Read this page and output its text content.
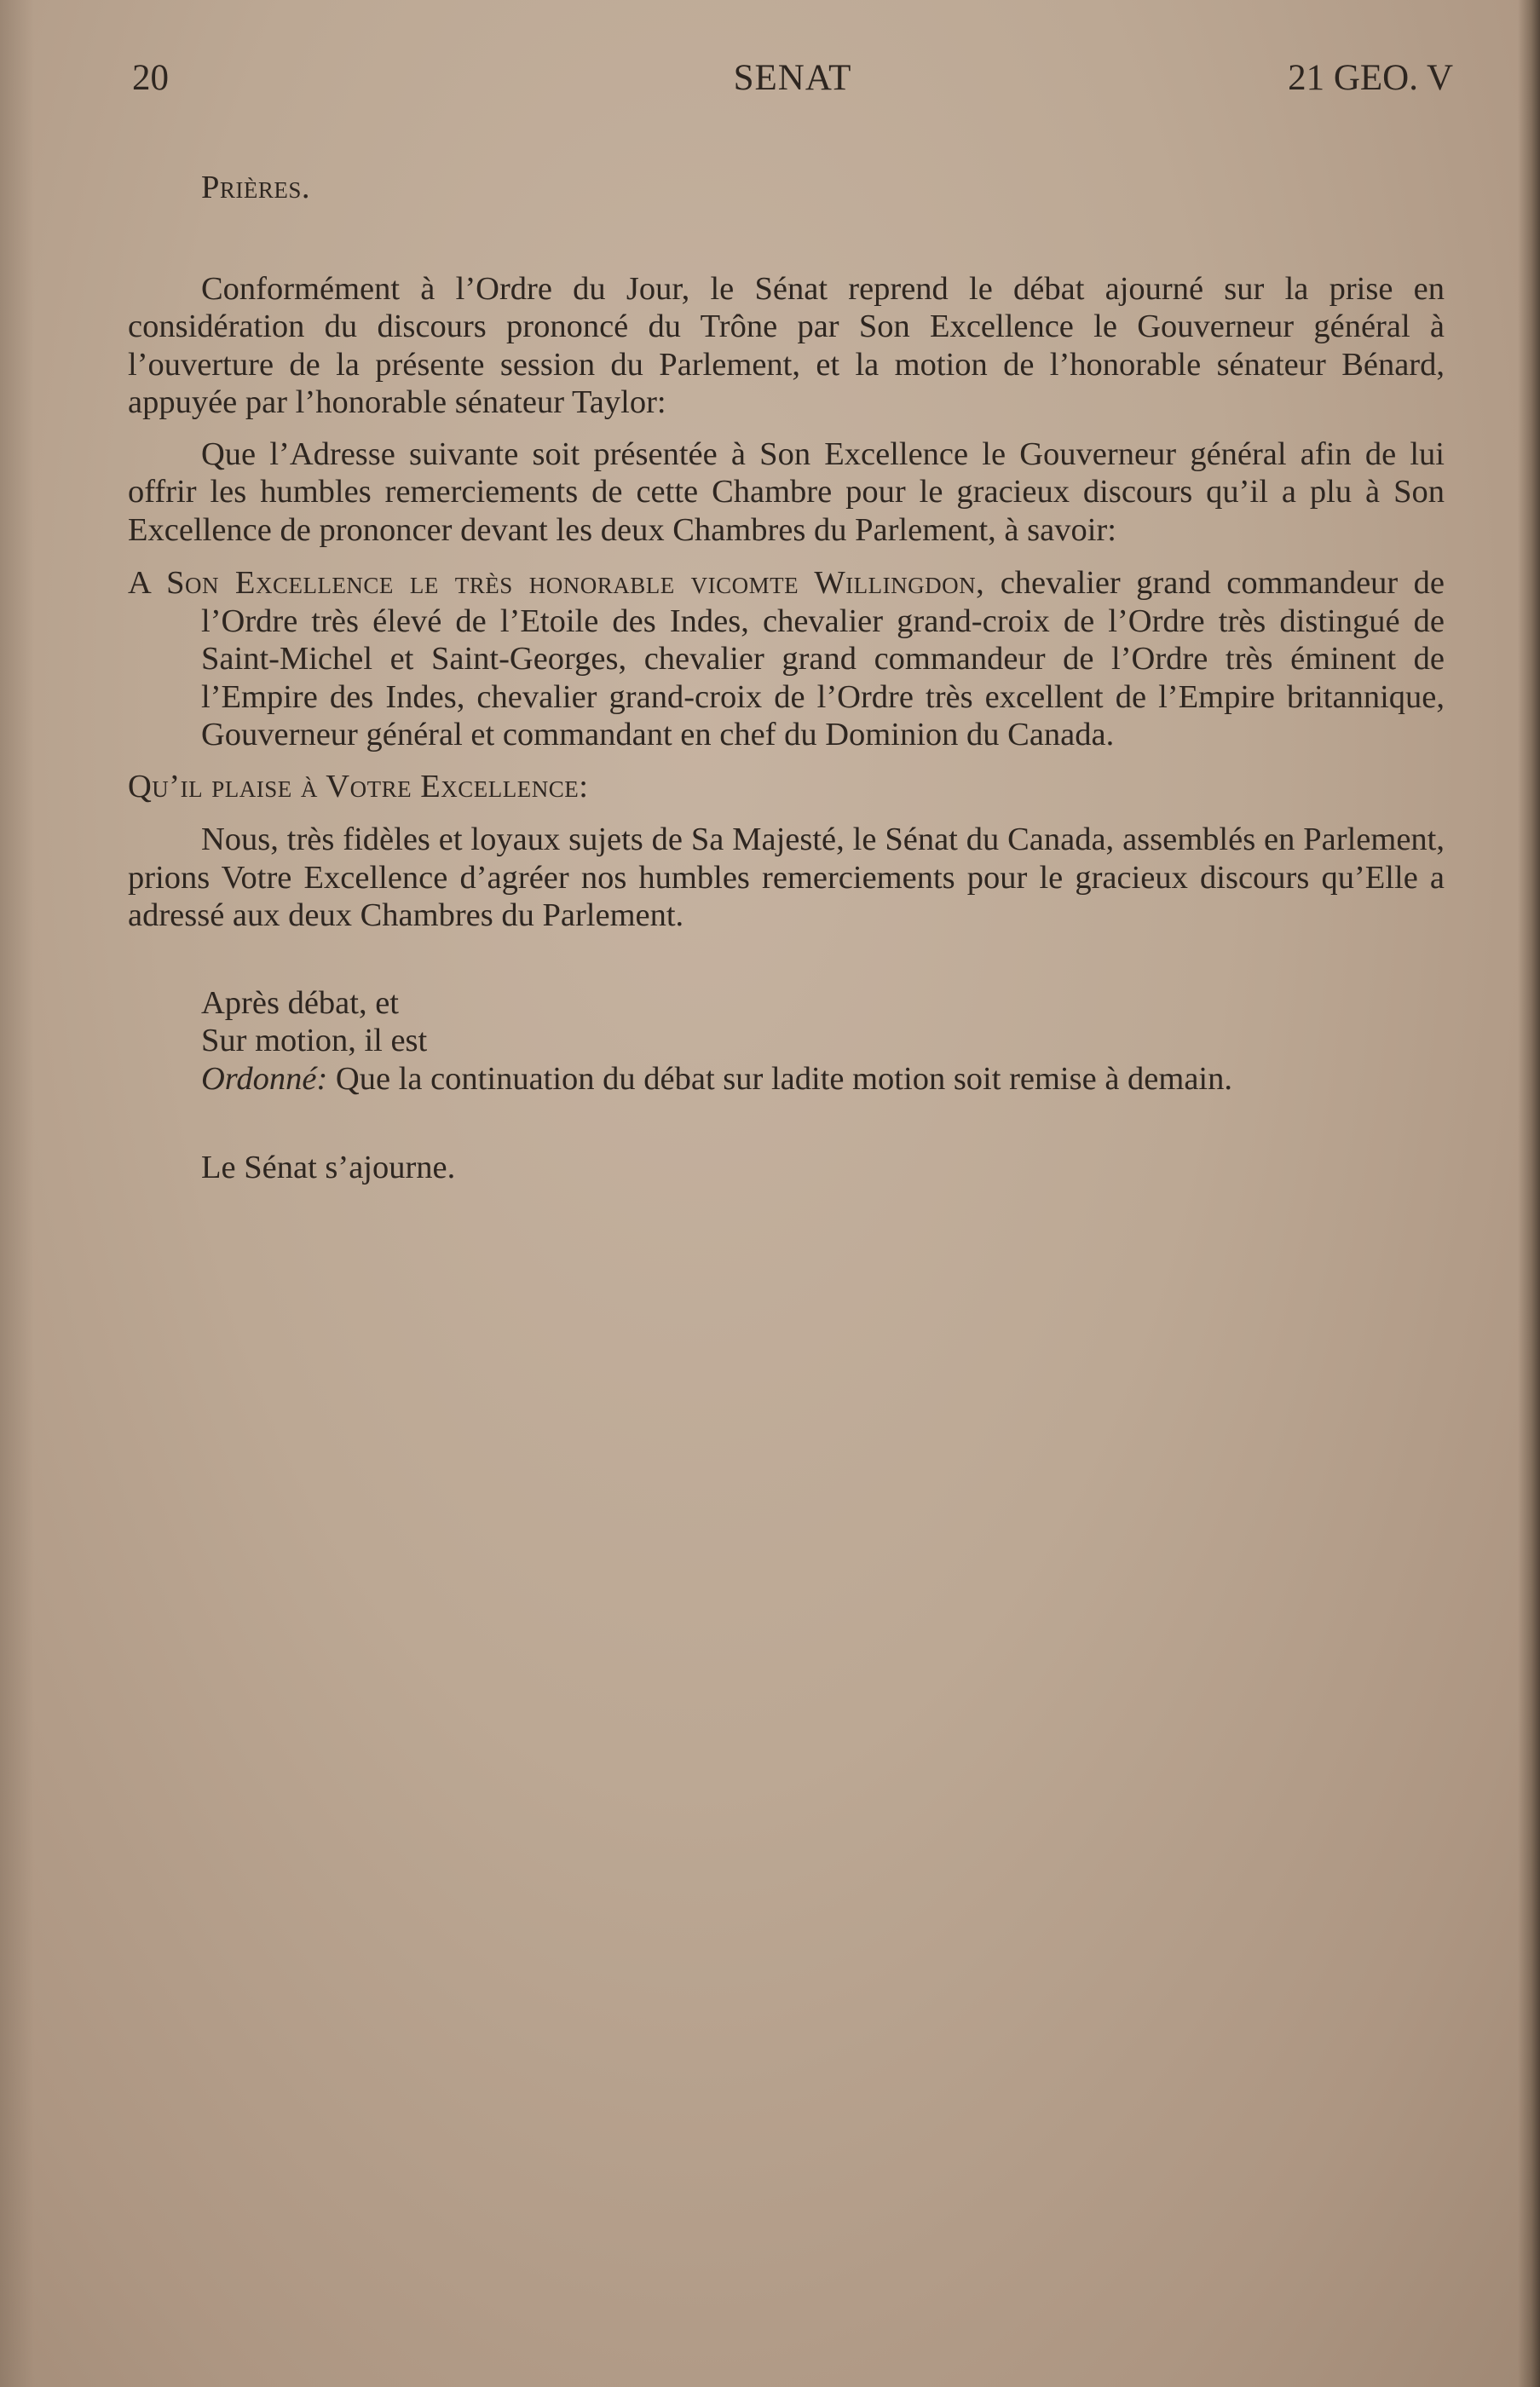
20	SENAT	21 GEO. V

Prières.

Conformément à l’Ordre du Jour, le Sénat reprend le débat ajourné sur la prise en considération du discours prononcé du Trône par Son Excellence le Gouverneur général à l’ouverture de la présente session du Parlement, et la motion de l’honorable sénateur Bénard, appuyée par l’honorable sénateur Taylor:

Que l’Adresse suivante soit présentée à Son Excellence le Gouverneur général afin de lui offrir les humbles remerciements de cette Chambre pour le gracieux discours qu’il a plu à Son Excellence de prononcer devant les deux Chambres du Parlement, à savoir:

A Son Excellence le très honorable vicomte Willingdon, chevalier grand commandeur de l’Ordre très élevé de l’Etoile des Indes, chevalier grand-croix de l’Ordre très distingué de Saint-Michel et Saint-Georges, chevalier grand commandeur de l’Ordre très éminent de l’Empire des Indes, chevalier grand-croix de l’Ordre très excellent de l’Empire britannique, Gouverneur général et commandant en chef du Dominion du Canada.

Qu’il plaise à Votre Excellence:

Nous, très fidèles et loyaux sujets de Sa Majesté, le Sénat du Canada, assemblés en Parlement, prions Votre Excellence d’agréer nos humbles remerciements pour le gracieux discours qu’Elle a adressé aux deux Chambres du Parlement.

Après débat, et

Sur motion, il est

Ordonné: Que la continuation du débat sur ladite motion soit remise à demain.

Le Sénat s’ajourne.
